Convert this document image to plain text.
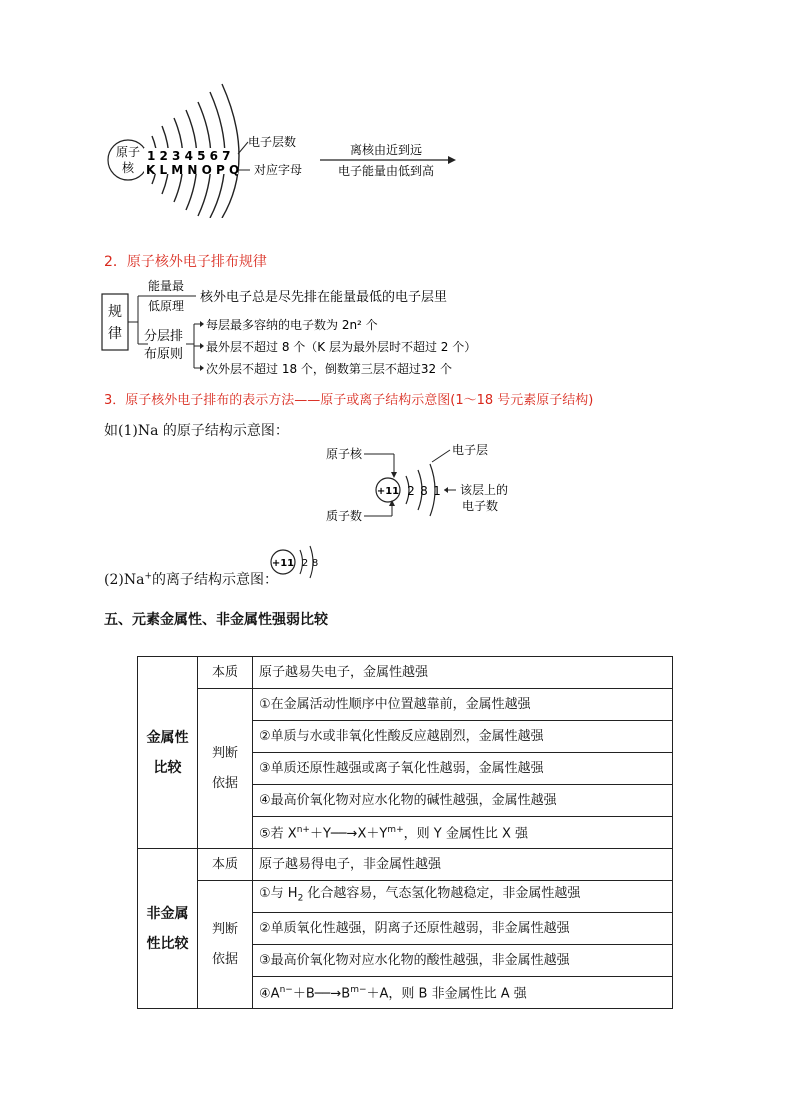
原子
核
1 2 3 4 5 6 7
K L M N O P Q
电子层数
对应字母
离核由近到远
电子能量由低到高
2．原子核外电子排布规律
规
律
能量最
低原理
核外电子总是尽先排在能量最低的电子层里
分层排
布原则
每层最多容纳的电子数为 2n² 个
最外层不超过 8 个（K 层为最外层时不超过 2 个）
次外层不超过 18 个，倒数第三层不超过32 个
3．原子核外电子排布的表示方法——原子或离子结构示意图(1～18 号元素原子结构)
如(1)Na 的原子结构示意图：
原子核
+11 2 8 1
电子层
该层上的
电子数
质子数
(2)Na+的离子结构示意图：
+11 2 8
五、元素金属性、非金属性强弱比较
金属性
比较	本质	原子越易失电子，金属性越强
	判断
依据	①在金属活动性顺序中位置越靠前，金属性越强
		②单质与水或非氧化性酸反应越剧烈，金属性越强
		③单质还原性越强或离子氧化性越弱，金属性越强
		④最高价氧化物对应水化物的碱性越强，金属性越强
		⑤若 $X^{n+}+Y──\to X+Y^{m+}$，则 Y 金属性比 X 强
非金属
性比较	本质	原子越易得电子，非金属性越强
	判断
依据	①与 $H_2$ 化合越容易，气态氢化物越稳定，非金属性越强
		②单质氧化性越强，阴离子还原性越弱，非金属性越强
		③最高价氧化物对应水化物的酸性越强，非金属性越强
		$④A^{n-}+B──\to B^{m-}+A$，则 B 非金属性比 A 强
